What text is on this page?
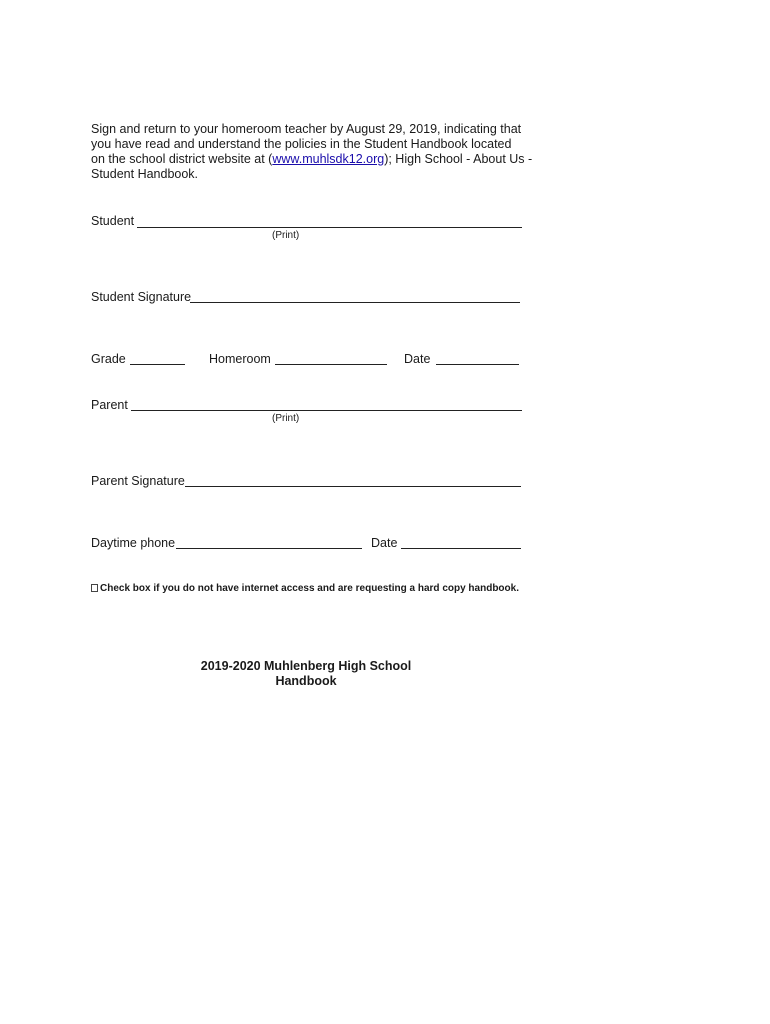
Sign and return to your homeroom teacher by August 29, 2019, indicating that
you have read and understand the policies in the Student Handbook located
on the school district website at (www.muhlsdk12.org); High School - About Us -
Student Handbook.
Student
(Print)
Student Signature
Grade	Homeroom	Date
Parent
(Print)
Parent Signature
Daytime phone	Date
Check box if you do not have internet access and are requesting a hard copy handbook.
2019-2020 Muhlenberg High School
Handbook
